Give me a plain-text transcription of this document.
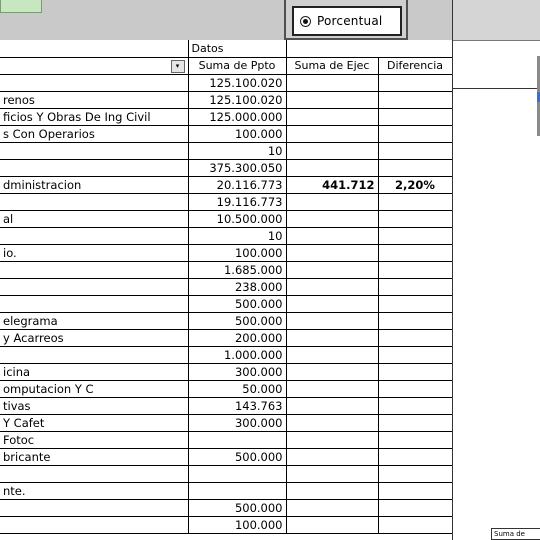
Porcentual
	Datos		

▾	Suma de Ppto	Suma de Ejec	Diferencia
	125.100.020		
renos	125.100.020		
ficios Y Obras De Ing Civil	125.000.000		
s Con Operarios	100.000		
	10		
	375.300.050		
dministracion	20.116.773	441.712	2,20%
	19.116.773		
al	10.500.000		
	10		
io.	100.000		
	1.685.000		
	238.000		
	500.000		
elegrama	500.000		
y Acarreos	200.000		
	1.000.000		
icina	300.000		
omputacion Y C	50.000		
tivas	143.763		
Y Cafet	300.000		
Fotoc			
bricante	500.000		

nte.			
	500.000		
	100.000		
Suma de
